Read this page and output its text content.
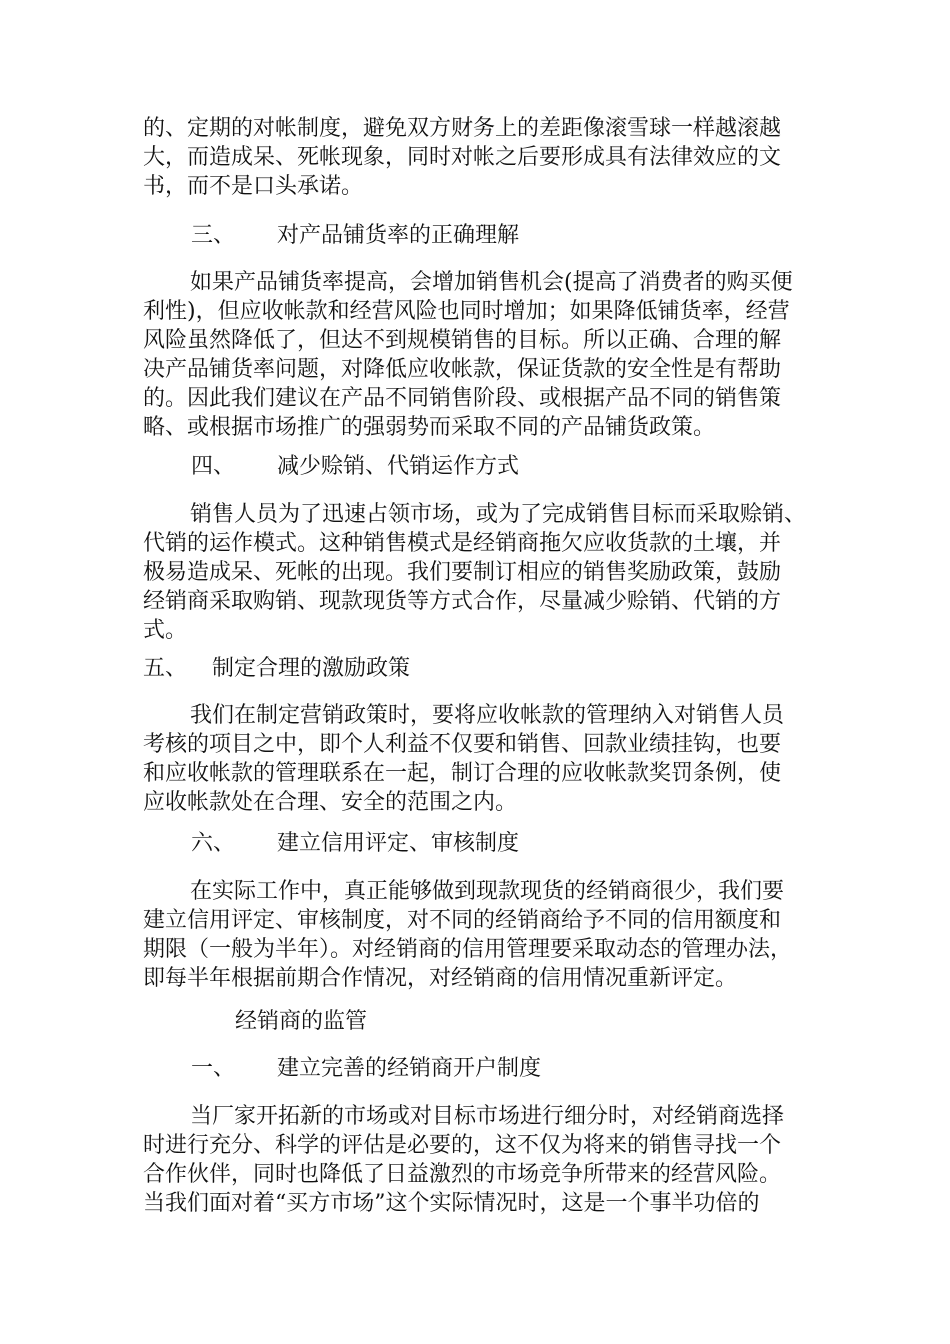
的、定期的对帐制度，避免双方财务上的差距像滚雪球一样越滚越
大，而造成呆、死帐现象，同时对帐之后要形成具有法律效应的文
书，而不是口头承诺。
三、 对产品铺货率的正确理解
如果产品铺货率提高，会增加销售机会(提高了消费者的购买便
利性)，但应收帐款和经营风险也同时增加；如果降低铺货率，经营
风险虽然降低了，但达不到规模销售的目标。所以正确、合理的解
决产品铺货率问题，对降低应收帐款，保证货款的安全性是有帮助
的。因此我们建议在产品不同销售阶段、或根据产品不同的销售策
略、或根据市场推广的强弱势而采取不同的产品铺货政策。
四、 减少赊销、代销运作方式
销售人员为了迅速占领市场，或为了完成销售目标而采取赊销、
代销的运作模式。这种销售模式是经销商拖欠应收货款的土壤，并
极易造成呆、死帐的出现。我们要制订相应的销售奖励政策，鼓励
经销商采取购销、现款现货等方式合作，尽量减少赊销、代销的方
式。
五、 制定合理的激励政策
我们在制定营销政策时，要将应收帐款的管理纳入对销售人员
考核的项目之中，即个人利益不仅要和销售、回款业绩挂钩，也要
和应收帐款的管理联系在一起，制订合理的应收帐款奖罚条例，使
应收帐款处在合理、安全的范围之内。
六、 建立信用评定、审核制度
在实际工作中，真正能够做到现款现货的经销商很少，我们要
建立信用评定、审核制度，对不同的经销商给予不同的信用额度和
期限（一般为半年）。对经销商的信用管理要采取动态的管理办法，
即每半年根据前期合作情况，对经销商的信用情况重新评定。
经销商的监管
一、 建立完善的经销商开户制度
当厂家开拓新的市场或对目标市场进行细分时，对经销商选择
时进行充分、科学的评估是必要的，这不仅为将来的销售寻找一个
合作伙伴，同时也降低了日益激烈的市场竞争所带来的经营风险。
当我们面对着“买方市场”这个实际情况时，这是一个事半功倍的
